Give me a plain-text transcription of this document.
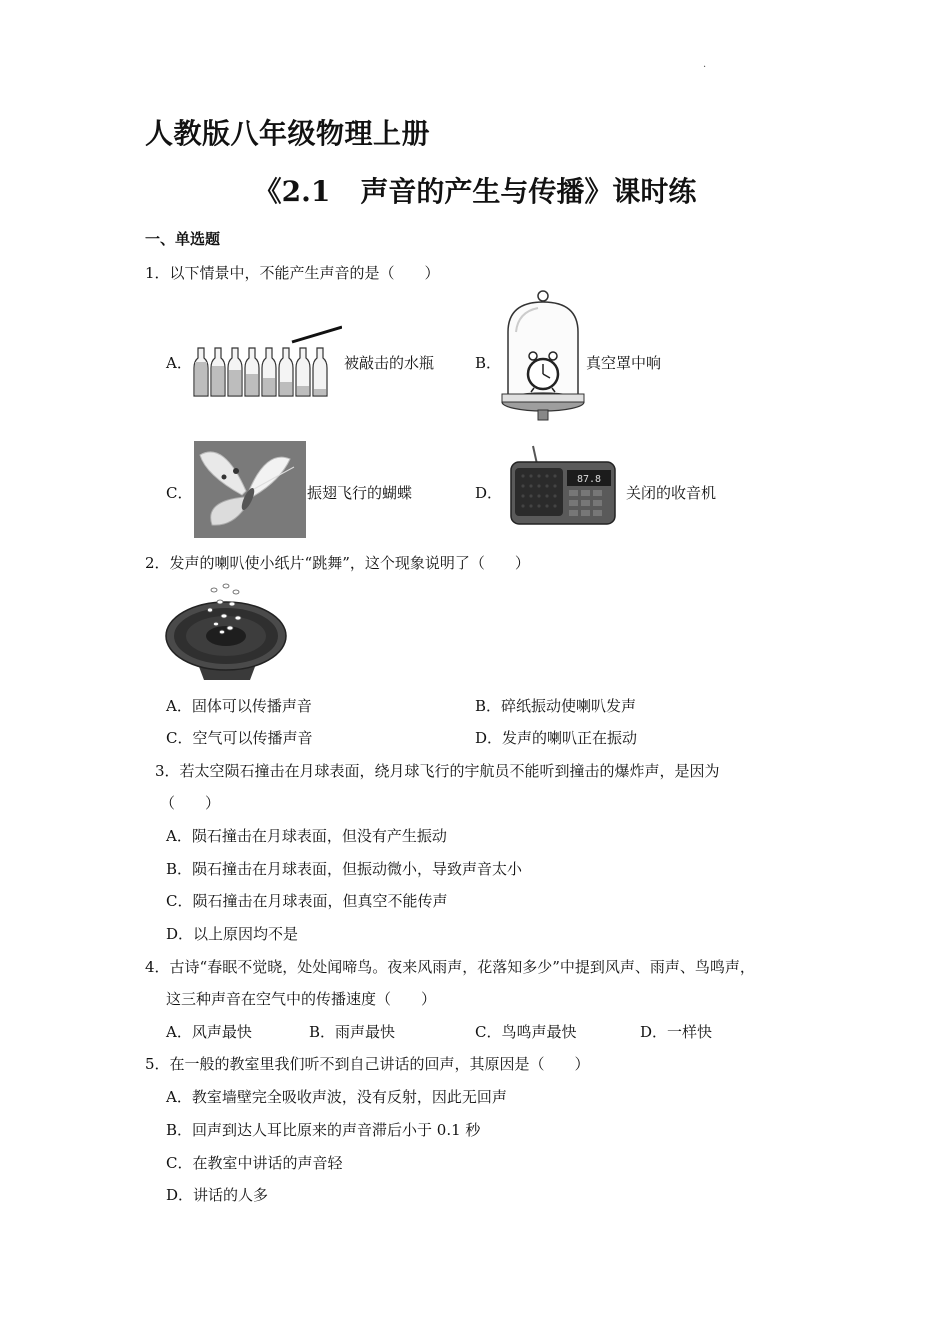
·
人教版八年级物理上册
《2.1 声音的产生与传播》课时练
一、单选题
1．以下情景中，不能产生声音的是（　　）
A．	被敲击的水瓶	B．	真空罩中响
C．	振翅飞行的蝴蝶	D．
87.8
关闭的收音机
2．发声的喇叭使小纸片“跳舞”，这个现象说明了（　　）
A．固体可以传播声音	B．碎纸振动使喇叭发声
C．空气可以传播声音	D．发声的喇叭正在振动
3．若太空陨石撞击在月球表面，绕月球飞行的宇航员不能听到撞击的爆炸声，是因为
（　　）
A．陨石撞击在月球表面，但没有产生振动
B．陨石撞击在月球表面，但振动微小，导致声音太小
C．陨石撞击在月球表面，但真空不能传声
D．以上原因均不是
4．古诗“春眠不觉晓，处处闻啼鸟。夜来风雨声，花落知多少”中提到风声、雨声、鸟鸣声，
这三种声音在空气中的传播速度（　　）
A．风声最快	B．雨声最快	C．鸟鸣声最快	D．一样快
5．在一般的教室里我们听不到自己讲话的回声，其原因是（　　）
A．教室墙壁完全吸收声波，没有反射，因此无回声
B．回声到达人耳比原来的声音滞后小于 0.1 秒
C．在教室中讲话的声音轻
D．讲话的人多
